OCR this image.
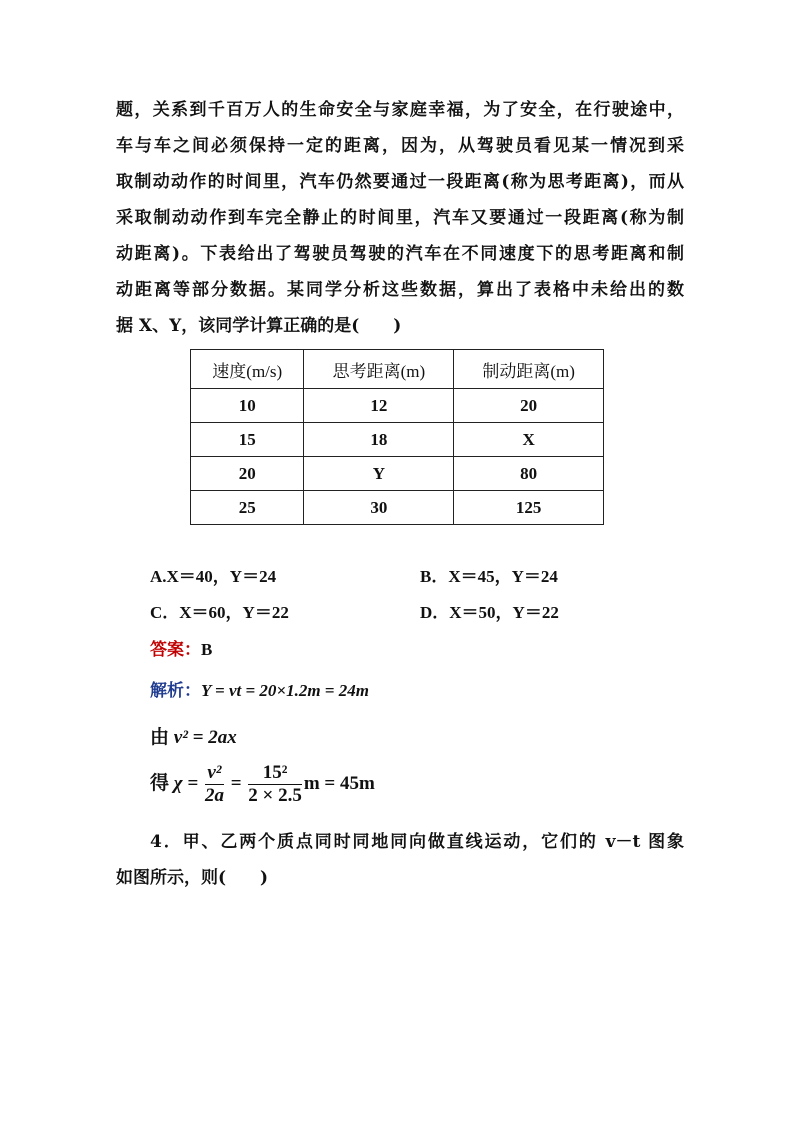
题，关系到千百万人的生命安全与家庭幸福，为了安全，在行驶途中，
车与车之间必须保持一定的距离，因为，从驾驶员看见某一情况到采
取制动动作的时间里，汽车仍然要通过一段距离(称为思考距离)，而从
采取制动动作到车完全静止的时间里，汽车又要通过一段距离(称为制
动距离)。下表给出了驾驶员驾驶的汽车在不同速度下的思考距离和制
动距离等部分数据。某同学分析这些数据，算出了表格中未给出的数
据 X、Y，该同学计算正确的是(　　)
速度(m/s)	思考距离(m)	制动距离(m)
10	12	20
15	18	X
20	Y	80
25	30	125
A.X＝40，Y＝24	B．X＝45，Y＝24
C．X＝60，Y＝22	D．X＝50，Y＝22
答案：B
解析：Y = vt = 20×1.2m = 24m
由 v² = 2ax
得 $\chi = \frac{\text{v²}}{2a} = \frac{\text{15²}}{2 \times 2.5}$ m = 45m
4．甲、乙两个质点同时同地同向做直线运动，它们的 v－t 图象
如图所示，则(　　)
